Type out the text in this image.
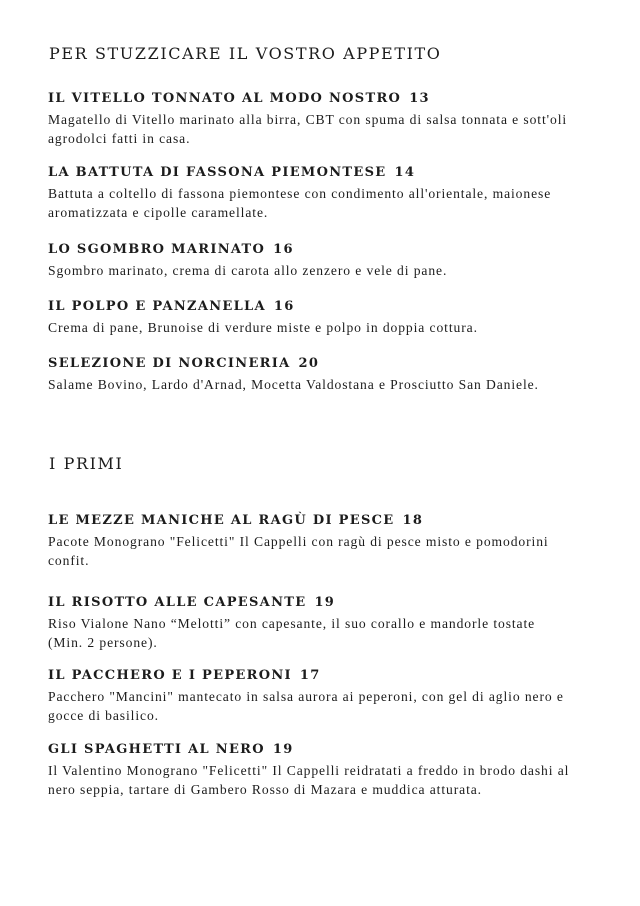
PER STUZZICARE IL VOSTRO APPETITO

IL VITELLO TONNATO AL MODO NOSTRO 13

Magatello di Vitello marinato alla birra, CBT con spuma di salsa tonnata e sott'oli agrodolci fatti in casa.

LA BATTUTA DI FASSONA PIEMONTESE 14

Battuta a coltello di fassona piemontese con condimento all'orientale, maionese aromatizzata e cipolle caramellate.

LO SGOMBRO MARINATO 16

Sgombro marinato, crema di carota allo zenzero e vele di pane.

IL POLPO E PANZANELLA 16

Crema di pane, Brunoise di verdure miste e polpo in doppia cottura.

SELEZIONE DI NORCINERIA 20

Salame Bovino, Lardo d'Arnad, Mocetta Valdostana e Prosciutto San Daniele.

I PRIMI

LE MEZZE MANICHE AL RAGÙ DI PESCE 18

Pacote Monograno "Felicetti" Il Cappelli con ragù di pesce misto e pomodorini confit.

IL RISOTTO ALLE CAPESANTE 19

Riso Vialone Nano “Melotti” con capesante, il suo corallo e mandorle tostate (Min. 2 persone).

IL PACCHERO E I PEPERONI 17

Pacchero "Mancini" mantecato in salsa aurora ai peperoni, con gel di aglio nero e gocce di basilico.

GLI SPAGHETTI AL NERO 19

Il Valentino Monograno "Felicetti" Il Cappelli reidratati a freddo in brodo dashi al nero seppia, tartare di Gambero Rosso di Mazara e muddica atturata.
